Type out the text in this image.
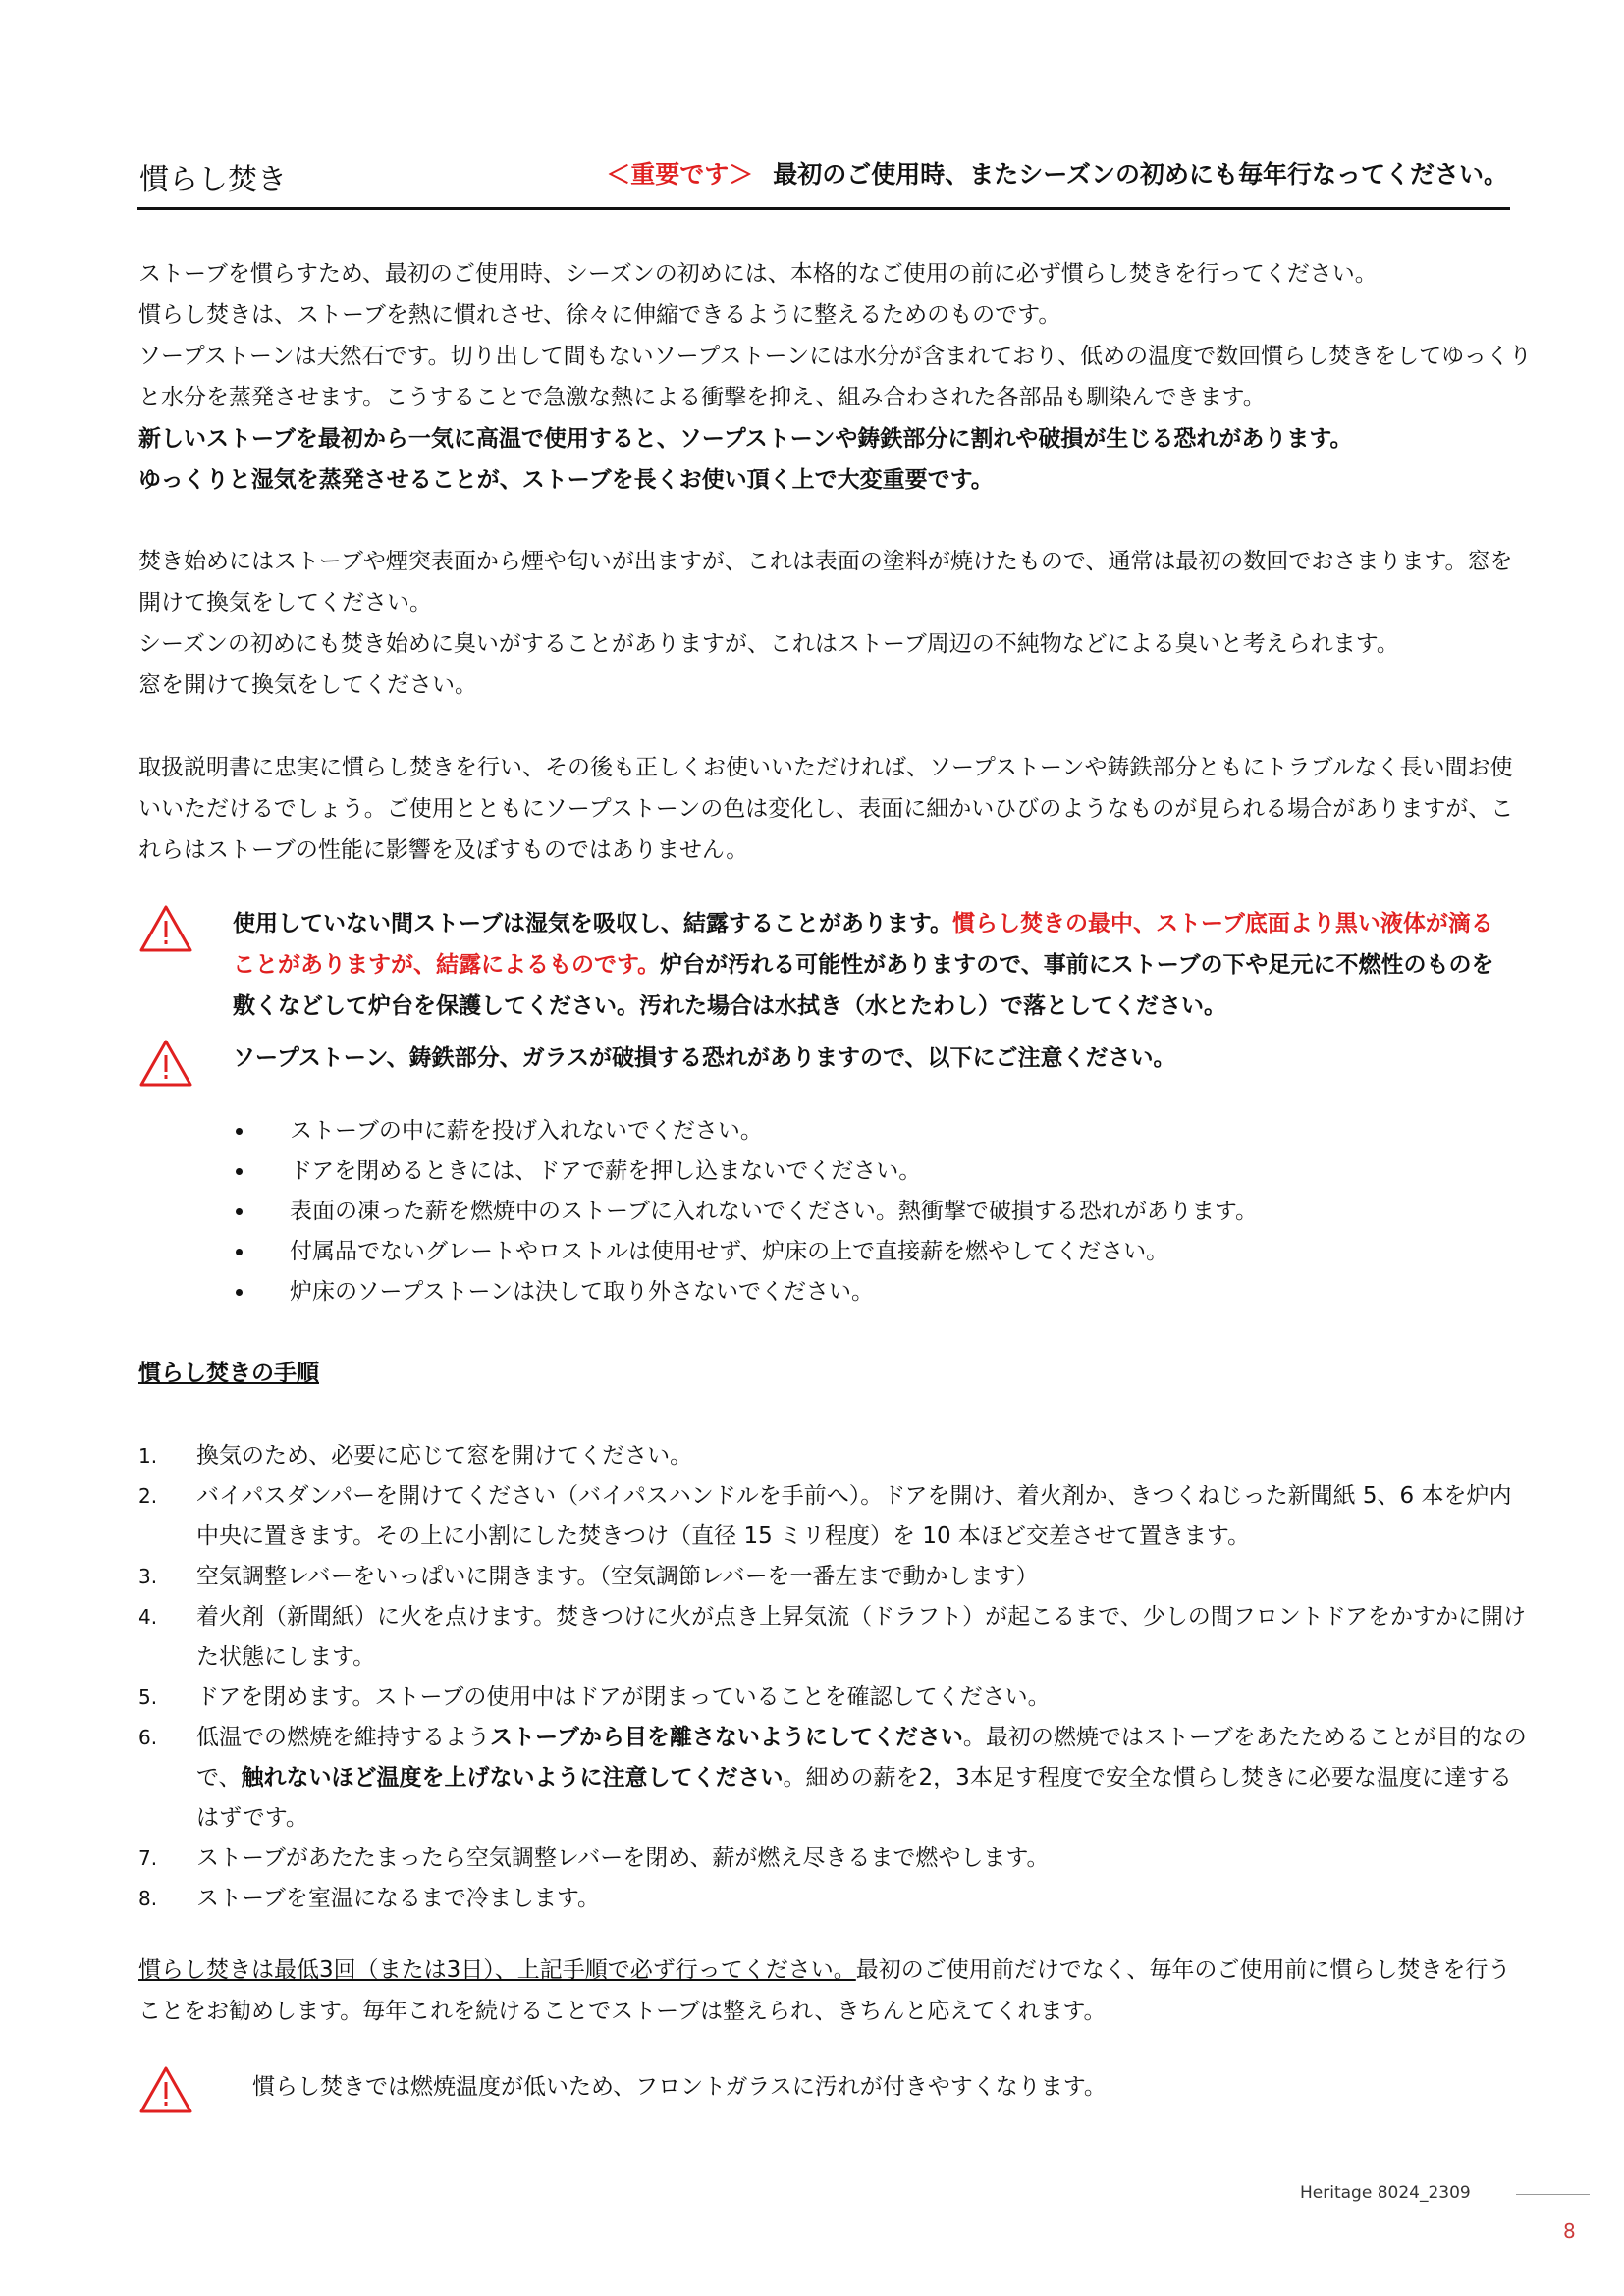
慣らし焚き	＜重要です＞ 最初のご使用時、またシーズンの初めにも毎年行なってください。

ストーブを慣らすため、最初のご使用時、シーズンの初めには、本格的なご使用の前に必ず慣らし焚きを行ってください。

慣らし焚きは、ストーブを熱に慣れさせ、徐々に伸縮できるように整えるためのものです。

ソープストーンは天然石です。切り出して間もないソープストーンには水分が含まれており、低めの温度で数回慣らし焚きをしてゆっくりと水分を蒸発させます。こうすることで急激な熱による衝撃を抑え、組み合わされた各部品も馴染んできます。

新しいストーブを最初から一気に高温で使用すると、ソープストーンや鋳鉄部分に割れや破損が生じる恐れがあります。

ゆっくりと湿気を蒸発させることが、ストーブを長くお使い頂く上で大変重要です。

焚き始めにはストーブや煙突表面から煙や匂いが出ますが、これは表面の塗料が焼けたもので、通常は最初の数回でおさまります。窓を開けて換気をしてください。

シーズンの初めにも焚き始めに臭いがすることがありますが、これはストーブ周辺の不純物などによる臭いと考えられます。

窓を開けて換気をしてください。

取扱説明書に忠実に慣らし焚きを行い、その後も正しくお使いいただければ、ソープストーンや鋳鉄部分ともにトラブルなく長い間お使いいただけるでしょう。ご使用とともにソープストーンの色は変化し、表面に細かいひびのようなものが見られる場合がありますが、これらはストーブの性能に影響を及ぼすものではありません。

使用していない間ストーブは湿気を吸収し、結露することがあります。慣らし焚きの最中、ストーブ底面より黒い液体が滴ることがありますが、結露によるものです。炉台が汚れる可能性がありますので、事前にストーブの下や足元に不燃性のものを敷くなどして炉台を保護してください。汚れた場合は水拭き（水とたわし）で落としてください。
ソープストーン、鋳鉄部分、ガラスが破損する恐れがありますので、以下にご注意ください。
ストーブの中に薪を投げ入れないでください。
ドアを閉めるときには、ドアで薪を押し込まないでください。
表面の凍った薪を燃焼中のストーブに入れないでください。熱衝撃で破損する恐れがあります。
付属品でないグレートやロストルは使用せず、炉床の上で直接薪を燃やしてください。
炉床のソープストーンは決して取り外さないでください。
慣らし焚きの手順
1.	換気のため、必要に応じて窓を開けてください。
2.	バイパスダンパーを開けてください（バイパスハンドルを手前へ）。ドアを開け、着火剤か、きつくねじった新聞紙 5、6 本を炉内中央に置きます。その上に小割にした焚きつけ（直径 15 ミリ程度）を 10 本ほど交差させて置きます。
3.	空気調整レバーをいっぱいに開きます。（空気調節レバーを一番左まで動かします）
4.	着火剤（新聞紙）に火を点けます。焚きつけに火が点き上昇気流（ドラフト）が起こるまで、少しの間フロントドアをかすかに開けた状態にします。
5.	ドアを閉めます。ストーブの使用中はドアが閉まっていることを確認してください。
6.	低温での燃焼を維持するようストーブから目を離さないようにしてください。最初の燃焼ではストーブをあたためることが目的なので、触れないほど温度を上げないように注意してください。細めの薪を2，3本足す程度で安全な慣らし焚きに必要な温度に達するはずです。
7.	ストーブがあたたまったら空気調整レバーを閉め、薪が燃え尽きるまで燃やします。
8.	ストーブを室温になるまで冷まします。

慣らし焚きは最低3回（または3日）、上記手順で必ず行ってください。最初のご使用前だけでなく、毎年のご使用前に慣らし焚きを行うことをお勧めします。毎年これを続けることでストーブは整えられ、きちんと応えてくれます。

慣らし焚きでは燃焼温度が低いため、フロントガラスに汚れが付きやすくなります。
Heritage 8024_2309
8
